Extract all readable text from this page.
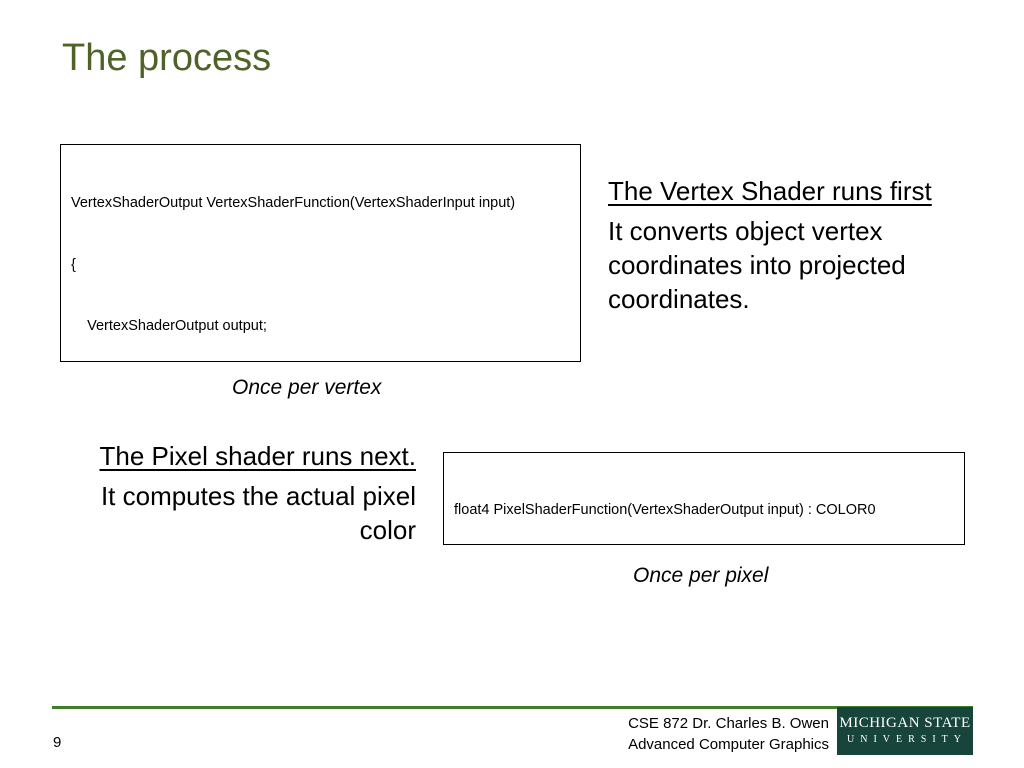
The process

VertexShaderOutput VertexShaderFunction(VertexShaderInput input)

{

VertexShaderOutput output;

Once per vertex
The Vertex Shader runs first
It converts object vertex coordinates into projected coordinates.
The Pixel shader runs next.
It computes the actual pixel color

float4 PixelShaderFunction(VertexShaderOutput input) : COLOR0

Once per pixel
9
CSE 872 Dr. Charles B. Owen
Advanced Computer Graphics
MICHIGAN STATE
UNIVERSITY
